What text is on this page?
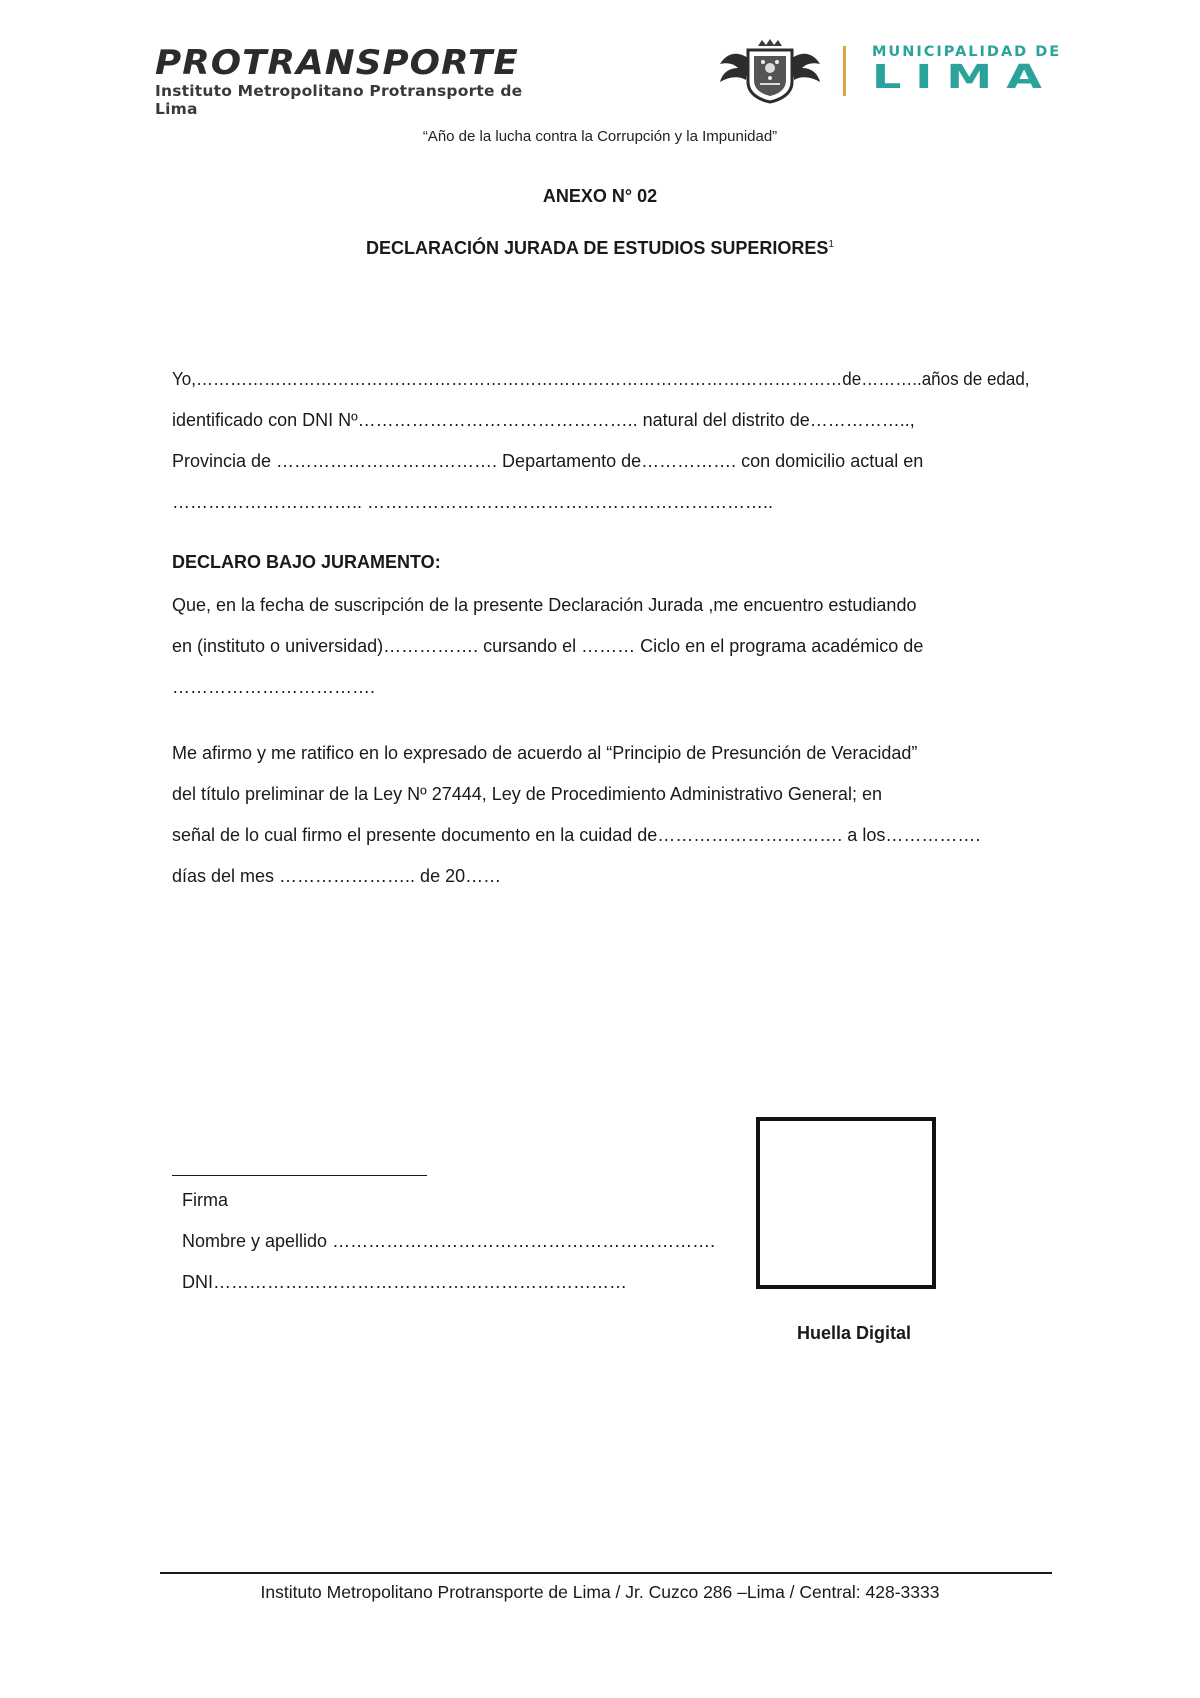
PROTRANSPORTE
Instituto Metropolitano Protransporte de Lima
MUNICIPALIDAD DE
LIMA
“Año de la lucha contra la Corrupción y la Impunidad”
ANEXO N° 02
DECLARACIÓN JURADA DE ESTUDIOS SUPERIORES$^1$
Yo,……………………………………………………………………………………………………de………..años de edad,
identificado con DNI Nº……………………………………….. natural del distrito de……………..,
Provincia de ………………………………. Departamento de……………. con domicilio actual en
………………………….. …………………………………………………………..
DECLARO BAJO JURAMENTO:
Que, en la fecha de suscripción de la presente Declaración Jurada ,me encuentro estudiando
en (instituto o universidad)……………. cursando el ……… Ciclo en el programa académico de
…………………………….
Me afirmo y me ratifico en lo expresado de acuerdo al “Principio de Presunción de Veracidad”
del título preliminar de la Ley Nº 27444, Ley de Procedimiento Administrativo General; en
señal de lo cual firmo el presente documento en la cuidad de…………………………. a los…………….
días del mes ………………….. de 20……
Firma
Nombre y apellido ……………………………………………………….
DNI……………………………………………………………
Huella Digital
Instituto Metropolitano Protransporte de Lima / Jr. Cuzco 286 –Lima / Central: 428-3333
